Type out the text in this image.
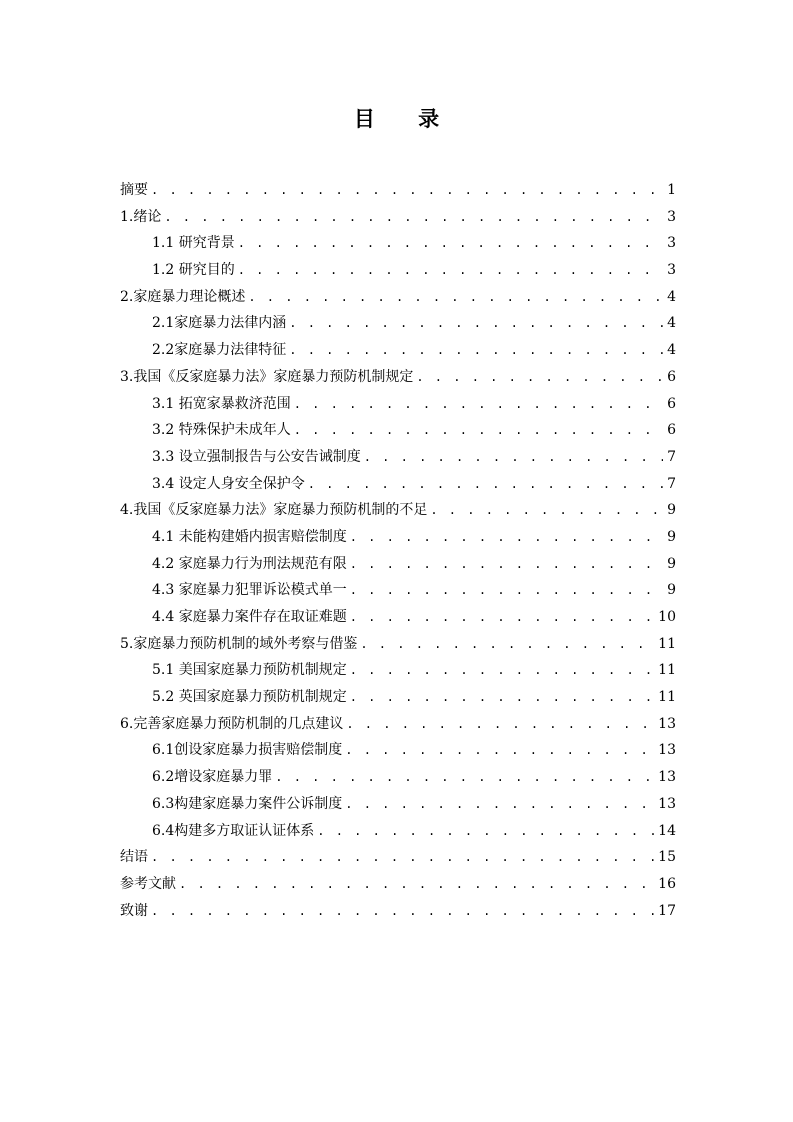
目 录
摘要 . . .	1
1.绪论 . . .	3
1.1 研究背景 . . .	3
1.2 研究目的 . . .	3
2.家庭暴力理论概述 . . .	4
2.1家庭暴力法律内涵 . . .	4
2.2家庭暴力法律特征 . . .	4
3.我国《反家庭暴力法》家庭暴力预防机制规定 . . .	6
3.1 拓宽家暴救济范围 . . .	6
3.2 特殊保护未成年人 . . .	6
3.3 设立强制报告与公安告诫制度 . . .	7
3.4 设定人身安全保护令 . . .	7
4.我国《反家庭暴力法》家庭暴力预防机制的不足 . . .	9
4.1 未能构建婚内损害赔偿制度 . . .	9
4.2 家庭暴力行为刑法规范有限 . . .	9
4.3 家庭暴力犯罪诉讼模式单一 . . .	9
4.4 家庭暴力案件存在取证难题 . . .	10
5.家庭暴力预防机制的域外考察与借鉴 . . .	11
5.1 美国家庭暴力预防机制规定 . . .	11
5.2 英国家庭暴力预防机制规定 . . .	11
6.完善家庭暴力预防机制的几点建议 . . .	13
6.1创设家庭暴力损害赔偿制度 . . .	13
6.2增设家庭暴力罪 . . .	13
6.3构建家庭暴力案件公诉制度 . . .	13
6.4构建多方取证认证体系 . . .	14
结语 . . .	15
参考文献 . . .	16
致谢 . . .	17
